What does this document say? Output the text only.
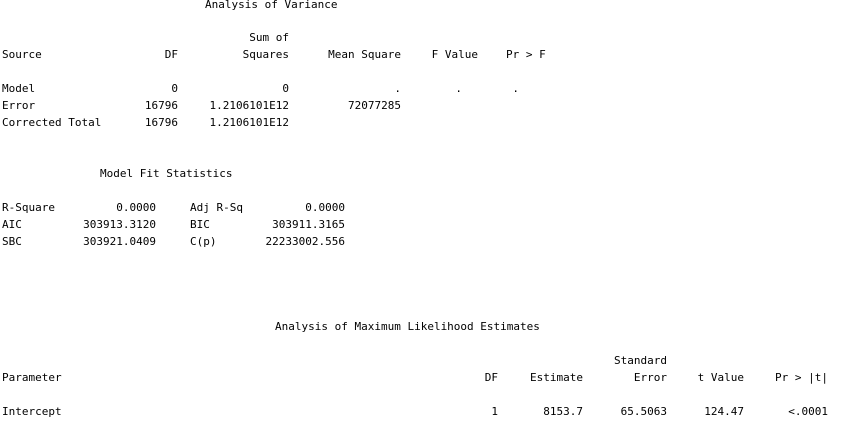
Analysis of Variance
Sum of
Source	DF	Squares	Mean Square	F Value	Pr > F
Model	0	0	.	.	.
Error	16796	1.2106101E12	72077285
Corrected Total	16796	1.2106101E12
Model Fit Statistics
R-Square	0.0000	Adj R-Sq	0.0000
AIC	303913.3120	BIC	303911.3165
SBC	303921.0409	C(p)	22233002.556
Analysis of Maximum Likelihood Estimates
Standard
Parameter	DF	Estimate	Error	t Value	Pr > |t|
Intercept	1	8153.7	65.5063	124.47	<.0001
